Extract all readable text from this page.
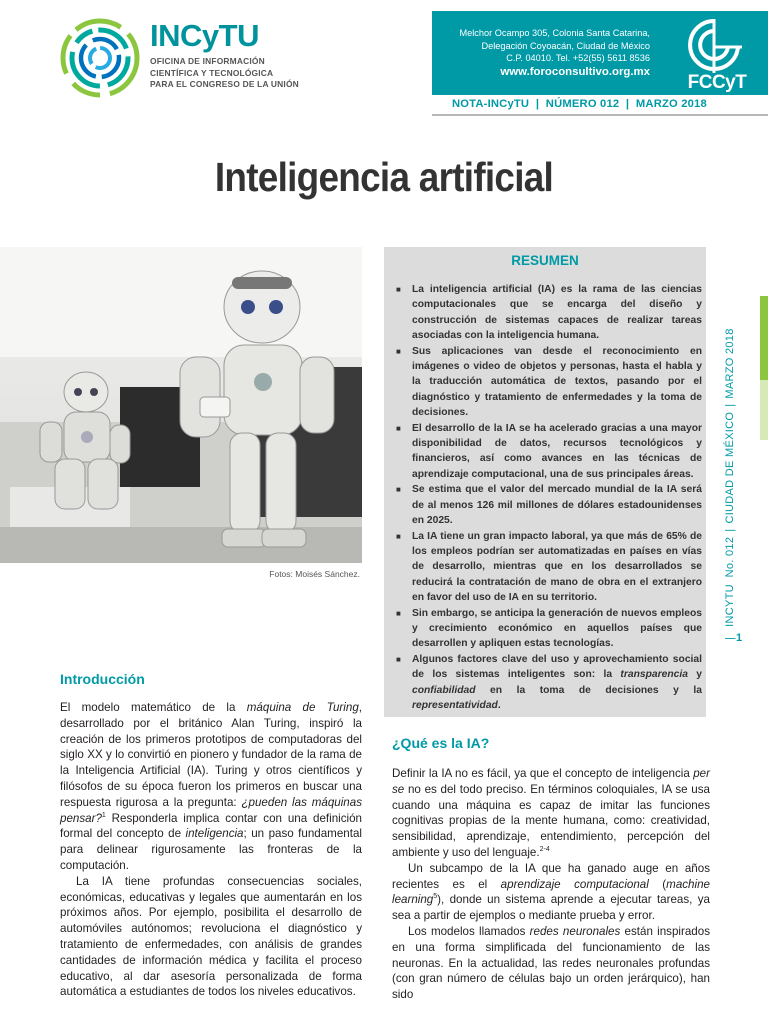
INCyTU
OFICINA DE INFORMACIÓN
CIENTÍFICA Y TECNOLÓGICA
PARA EL CONGRESO DE LA UNIÓN
Melchor Ocampo 305, Colonia Santa Catarina,
Delegación Coyoacán, Ciudad de México
C.P. 04010. Tel. +52(55) 5611 8536
www.foroconsultivo.org.mx
FCCyT
NOTA-INCyTU | NÚMERO 012 | MARZO 2018
Inteligencia artificial
Fotos: Moisés Sánchez.
RESUMEN
■ La inteligencia artificial (IA) es la rama de las ciencias computacionales que se encarga del diseño y construcción de sistemas capaces de realizar tareas asociadas con la inteligencia humana.
■ Sus aplicaciones van desde el reconocimiento en imágenes o video de objetos y personas, hasta el habla y la traducción automática de textos, pasando por el diagnóstico y tratamiento de enfermedades y la toma de decisiones.
■ El desarrollo de la IA se ha acelerado gracias a una mayor disponibilidad de datos, recursos tecnológicos y financieros, así como avances en las técnicas de aprendizaje computacional, una de sus principales áreas.
■ Se estima que el valor del mercado mundial de la IA será de al menos 126 mil millones de dólares estadounidenses en 2025.
■ La IA tiene un gran impacto laboral, ya que más de 65% de los empleos podrían ser automatizadas en países en vías de desarrollo, mientras que en los desarrollados se reducirá la contratación de mano de obra en el extranjero en favor del uso de IA en su territorio.
■ Sin embargo, se anticipa la generación de nuevos empleos y crecimiento económico en aquellos países que desarrollen y apliquen estas tecnologías.
■ Algunos factores clave del uso y aprovechamiento social de los sistemas inteligentes son: la transparencia y confiabilidad en la toma de decisiones y la representatividad.
|INCYTU  No. 012|CIUDAD DE MÉXICO|MARZO 2018
1
Introducción

El modelo matemático de la máquina de Turing, desarrollado por el británico Alan Turing, inspiró la creación de los primeros prototipos de computadoras del siglo XX y lo convirtió en pionero y fundador de la rama de la Inteligencia Artificial (IA). Turing y otros científicos y filósofos de su época fueron los primeros en buscar una respuesta rigurosa a la pregunta: ¿pueden las máquinas pensar?$^1$ Responderla implica contar con una definición formal del concepto de inteligencia; un paso fundamental para delinear rigurosamente las fronteras de la computación.

La IA tiene profundas consecuencias sociales, económicas, educativas y legales que aumentarán en los próximos años. Por ejemplo, posibilita el desarrollo de automóviles autónomos; revoluciona el diagnóstico y tratamiento de enfermedades, con análisis de grandes cantidades de información médica y facilita el proceso educativo, al dar asesoría personalizada de forma automática a estudiantes de todos los niveles educativos.

¿Qué es la IA?

Definir la IA no es fácil, ya que el concepto de inteligencia per se no es del todo preciso. En términos coloquiales, IA se usa cuando una máquina es capaz de imitar las funciones cognitivas propias de la mente humana, como: creatividad, sensibilidad, aprendizaje, entendimiento, percepción del ambiente y uso del lenguaje.$^{2-4}$

Un subcampo de la IA que ha ganado auge en años recientes es el aprendizaje computacional (machine learning$^5$), donde un sistema aprende a ejecutar tareas, ya sea a partir de ejemplos o mediante prueba y error.

Los modelos llamados redes neuronales están inspirados en una forma simplificada del funcionamiento de las neuronas. En la actualidad, las redes neuronales profundas (con gran número de células bajo un orden jerárquico), han sido
